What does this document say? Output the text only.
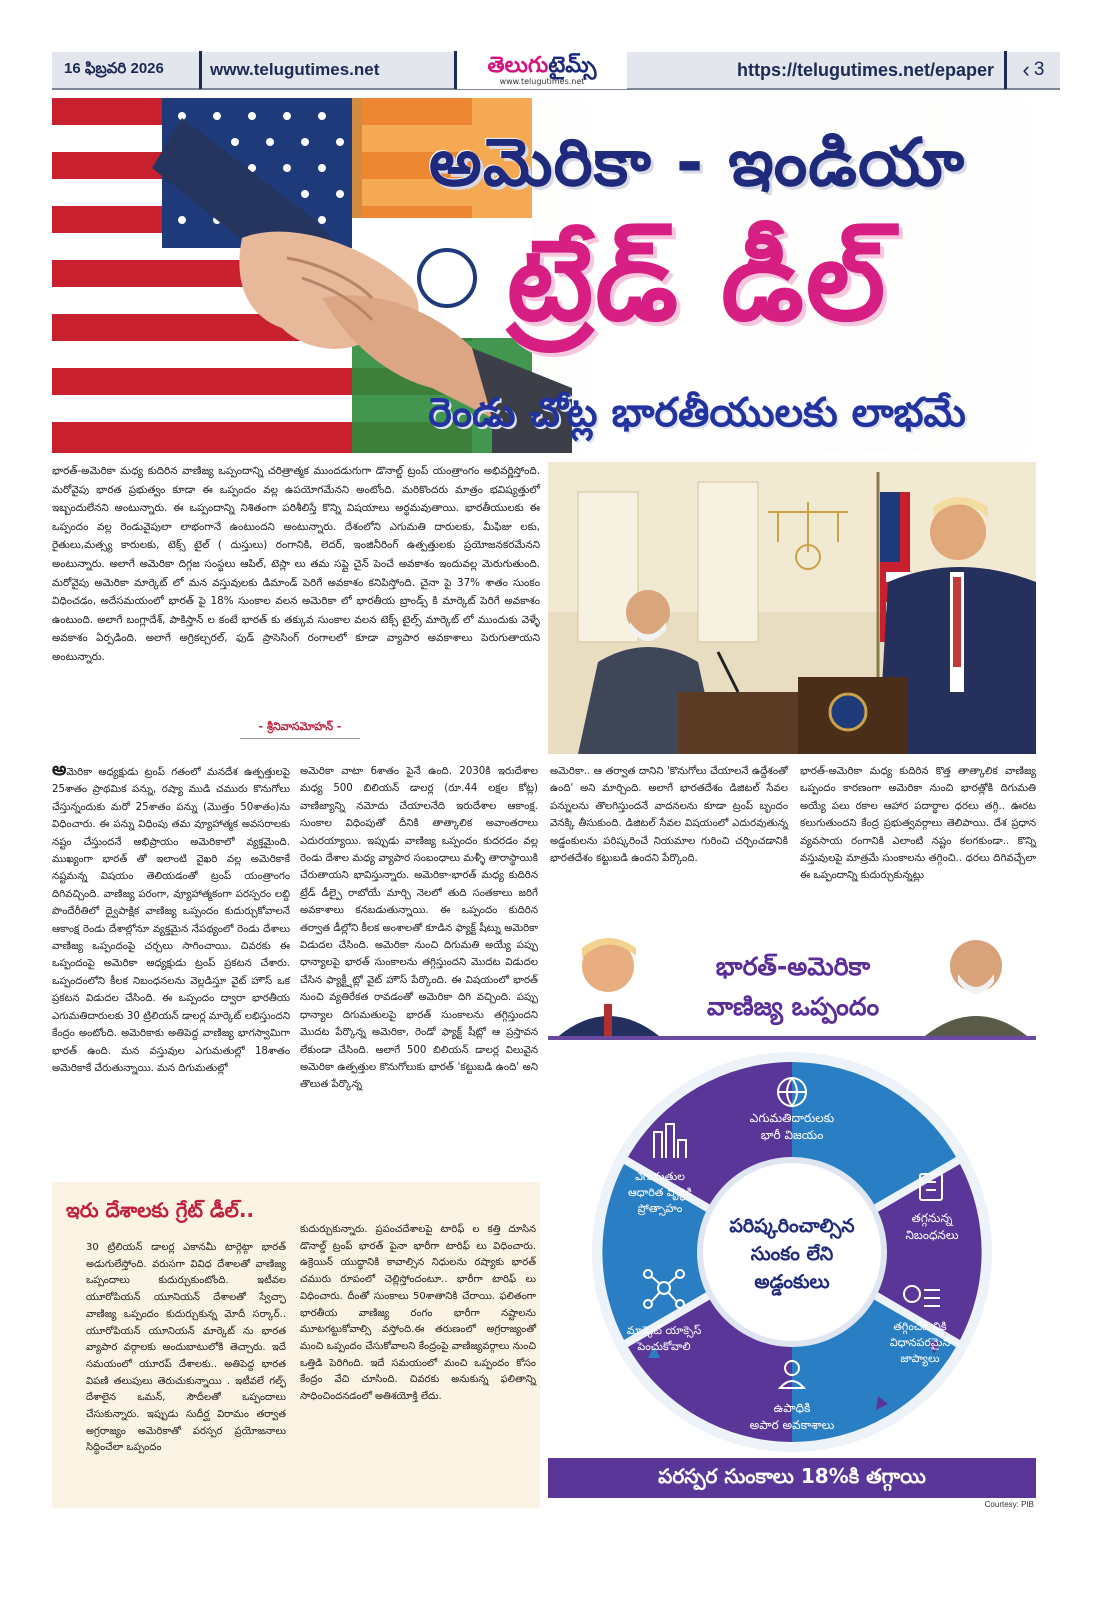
16 ఫిబ్రవరి 2026	www.telugutimes.net	తెలుగుటైమ్స్
www.telugutimes.net
https://telugutimes.net/epaper	‹ 3
అమెరికా - ఇండియా
ట్రేడ్ డీల్
రెండు చోట్ల భారతీయులకు లాభమే
భారత్-అమెరికా మధ్య కుదిరిన వాణిజ్య ఒప్పందాన్ని చరిత్రాత్మక ముందడుగుగా డొనాల్డ్ ట్రంప్ యంత్రాంగం అభివర్ణిస్తోంది. మరోవైపు భారత ప్రభుత్వం కూడా ఈ ఒప్పందం వల్ల ఉపయోగమేనని అంటోంది. మరికొందరు మాత్రం భవిష్యత్తులో ఇబ్బందులేనని అంటున్నారు. ఈ ఒప్పందాన్ని నిశితంగా పరిశీలిస్తే కొన్ని విషయాలు అర్థమవుతాయి. భారతీయులకు ఈ ఒప్పందం వల్ల రెండువైపులా లాభంగానే ఉంటుందని అంటున్నారు. దేశంలోని ఎగుమతి దారులకు, మీఫిజు లకు, రైతులు,మత్స్య కారులకు, టెక్స్ టైల్ ( దుస్తులు) రంగానికి, లెదర్, ఇంజినీరింగ్ ఉత్పత్తులకు ప్రయోజనకరమేనని అంటున్నారు. అలాగే అమెరికా దిగ్గజ సంస్థలు ఆపిల్, టెస్లా లు తమ సప్లై చైన్ పెంచే అవకాశం ఇందువల్ల మెరుగుతుంది. మరోవైపు అమెరికా మార్కెట్ లో మన వస్తువులకు డిమాండ్ పెరిగే అవకాశం కనిపిస్తోంది. చైనా పై 37% శాతం సుంకం విధించడం, అదేసమయంలో భారత్ పై 18% సుంకాల వలన అమెరికా లో భారతీయ బ్రాండ్స్ కి మార్కెట్ పెరిగే అవకాశం ఉంటుంది. అలాగే బంగ్లాదేశ్, పాకిస్తాన్ ల కంటే భారత్ కు తక్కువ సుంకాల వలన టెక్స్ టైల్స్ మార్కెట్ లో ముందుకు వెళ్ళే అవకాశం ఏర్పడింది. అలాగే అగ్రికల్చరల్, ఫుడ్ ప్రాసెసింగ్ రంగాలలో కూడా వ్యాపార అవకాశాలు పెరుగుతాయని అంటున్నారు.
- శ్రీనివాసమోహన్ -
అమెరికా అధ్యక్షుడు ట్రంప్ గతంలో మనదేశ ఉత్పత్తులపై 25శాతం ప్రాథమిక పన్ను, రష్యా ముడి చమురు కొనుగోలు చేస్తున్నందుకు మరో 25శాతం పన్ను (మొత్తం 50శాతం)ను విధించారు. ఈ పన్ను విధింపు తమ వ్యూహాత్మక అవసరాలకు నష్టం చేస్తుందనే అభిప్రాయం అమెరికాలో వ్యక్తమైంది. ముఖ్యంగా భారత్ తో ఇలాంటి వైఖరి వల్ల అమెరికాకే నష్టమన్న విషయం తెలియడంతో ట్రంప్ యంత్రాంగం దిగివచ్చింది. వాణిజ్య పరంగా, వ్యూహాత్మకంగా పరస్పరం లబ్ది పొందేరీతిలో ద్వైపాక్షిక వాణిజ్య ఒప్పందం కుదుర్చుకోవాలనే ఆకాంక్ష రెండు దేశాల్లోనూ వ్యక్తమైన నేపథ్యంలో రెండు దేశాలు వాణిజ్య ఒప్పందంపై చర్చలు సాగించాయి. చివరకు ఈ ఒప్పందంపై అమెరికా అధ్యక్షుడు ట్రంప్ ప్రకటన చేశారు. ఒప్పందంలోని కీలక నిబంధనలను వెల్లడిస్తూ వైట్ హౌస్ ఒక ప్రకటన విడుదల చేసింది. ఈ ఒప్పందం ద్వారా భారతీయ ఎగుమతిదారులకు 30 ట్రిలియన్ డాలర్ల మార్కెట్ లభిస్తుందని కేంద్రం అంటోంది. అమెరికాకు అతిపెద్ద వాణిజ్య భాగస్వామిగా భారత్ ఉంది. మన వస్తువుల ఎగుమతుల్లో 18శాతం అమెరికాకే చేరుతున్నాయి. మన దిగుమతుల్లో
అమెరికా వాటా 6శాతం పైనే ఉంది. 2030కి ఇరుదేశాల మధ్య 500 బిలియన్ డాలర్ల (రూ.44 లక్షల కోట్ల) వాణిజ్యాన్ని నమోదు చేయాలనేది ఇరుదేశాల ఆకాంక్ష. సుంకాల విధింపుతో దీనికి తాత్కాలిక అవాంతరాలు ఎదురయ్యాయి. ఇప్పుడు వాణిజ్య ఒప్పందం కుదరడం వల్ల రెండు దేశాల మధ్య వ్యాపార సంబంధాలు మళ్ళీ తారాస్థాయికి చేరుతాయని భావిస్తున్నారు. అమెరికా-భారత్ మధ్య కుదిరిన ట్రేడ్ డీల్పై రాబోయే మార్చి నెలలో తుది సంతకాలు జరిగే అవకాశాలు కనబడుతున్నాయి. ఈ ఒప్పందం కుదిరిన తర్వాత డీల్లోని కీలక అంశాలతో కూడిన ఫ్యాక్ట్ షీట్ను అమెరికా విడుదల చేసింది. అమెరికా నుంచి దిగుమతి అయ్యే పప్పు ధాన్యాలపై భారత్ సుంకాలను తగ్గిస్తుందని మొదట విడుదల చేసిన ఫ్యాక్ట్షీట్లో వైట్ హౌస్ పేర్కొంది. ఈ విషయంలో భారత్ నుంచి వ్యతిరేకత రావడంతో అమెరికా దిగి వచ్చింది. పప్పు ధాన్యాల దిగుమతులపై భారత్ సుంకాలను తగ్గిస్తుందని మొదట పేర్కొన్న అమెరికా, రెండో ఫ్యాక్ట్ షీట్లో ఆ ప్రస్తావన లేకుండా చేసింది. అలాగే 500 బిలియన్ డాలర్ల విలువైన అమెరికా ఉత్పత్తుల కొనుగోలుకు భారత్ 'కట్టుబడి ఉంది' అని తొలుత పేర్కొన్న
అమెరికా.. ఆ తర్వాత దానిని 'కొనుగోలు చేయాలనే ఉద్దేశంతో ఉంది' అని మార్చింది. అలాగే భారతదేశం డిజిటల్ సేవల పన్నులను తొలగిస్తుందనే వాదనలను కూడా ట్రంప్ బృందం వెనక్కి తీసుకుంది. డిజిటల్ సేవల విషయంలో ఎదురవుతున్న అడ్డంకులను పరిష్కరించే నియమాల గురించి చర్చించడానికి భారతదేశం కట్టుబడి ఉందని పేర్కొంది.
భారత్-అమెరికా మధ్య కుదిరిన కొత్త తాత్కాలిక వాణిజ్య ఒప్పందం కారణంగా అమెరికా నుంచి భారత్లోకి దిగుమతి అయ్యే పలు రకాల ఆహార పదార్థాల ధరలు తగ్గి.. ఊరట కలుగుతుందని కేంద్ర ప్రభుత్వవర్గాలు తెలిపాయి. దేశ ప్రధాన వ్యవసాయ రంగానికి ఎలాంటి నష్టం కలగకుండా.. కొన్ని వస్తువులపై మాత్రమే సుంకాలను తగ్గించి.. ధరలు దిగివచ్చేలా ఈ ఒప్పందాన్ని కుదుర్చుకున్నట్లు
ఇరు దేశాలకు గ్రేట్ డీల్..
30 ట్రిలియన్ డాలర్ల ఎకానమీ టార్గెట్గా భారత్ అడుగులేస్తోంది. వరుసగా వివిధ దేశాలతో వాణిజ్య ఒప్పందాలు కుదుర్చుకుంటోంది. ఇటీవల యూరోపియన్ యూనియన్ దేశాలతో స్వేచ్ఛా వాణిజ్య ఒప్పందం కుదుర్చుకున్న మోదీ సర్కార్.. యూరోపియన్ యూనియన్ మార్కెట్ ను భారత వ్యాపార వర్గాలకు అందుబాటులోకి తెచ్చారు. ఇదే సమయంలో యూరప్ దేశాలకు.. అతిపెద్ద భారత విపణి తలుపులు తెరుచుకున్నాయి . ఇటీవలే గల్ఫ్ దేశాలైన ఒమన్, సౌదీలతో ఒప్పందాలు చేసుకున్నారు. ఇప్పుడు సుదీర్ఘ విరామం తర్వాత అగ్రరాజ్యం అమెరికాతో పరస్పర ప్రయోజనాలు సిద్ధించేలా ఒప్పందం
కుదుర్చుకున్నారు. ప్రపంచదేశాలపై టారిఫ్ ల కత్తి దూసిన డొనాల్డ్ ట్రంప్ భారత్ పైనా భారీగా టారిఫ్ లు విధించారు. ఉక్రెయిన్ యుద్ధానికి కావాల్సిన నిధులను రష్యాకు భారత్ చమురు రూపంలో చెల్లిస్తోందంటూ.. భారీగా టారిఫ్ లు విధించారు. దీంతో సుంకాలు 50శాతానికి చేరాయి. ఫలితంగా భారతీయ వాణిజ్య రంగం భారీగా నష్టాలను మూటగట్టుకోవాల్సి వస్తోంది.ఈ తరుణంలో అగ్రరాజ్యంతో మంచి ఒప్పందం చేసుకోవాలని కేంద్రంపై వాణిజ్యవర్గాలు నుంచి ఒత్తిడి పెరిగింది. ఇదే సమయంలో మంచి ఒప్పందం కోసం కేంద్రం వేచి చూసింది. చివరకు అనుకున్న ఫలితాన్ని సాధించిందనడంలో అతిశయోక్తి లేదు.
భారత్-అమెరికా
వాణిజ్య ఒప్పందం
ఎగుమతిదారులకు భారీ విజయం
తగ్గనున్న నిబంధనలు
తగ్గించడానికి విధానపరమైన జాప్యాలు
ఉపాధికి అపార అవకాశాలు
మార్కెట్ యాక్సెస్ పెంచుకోవాలి
ఎగుమతుల ఆధారిత వృద్ధికి ప్రోత్సాహం
పరిష్కరించాల్సిన సుంకం లేని అడ్డంకులు
పరస్పర సుంకాలు 18%కి తగ్గాయి
Courtesy: PIB
